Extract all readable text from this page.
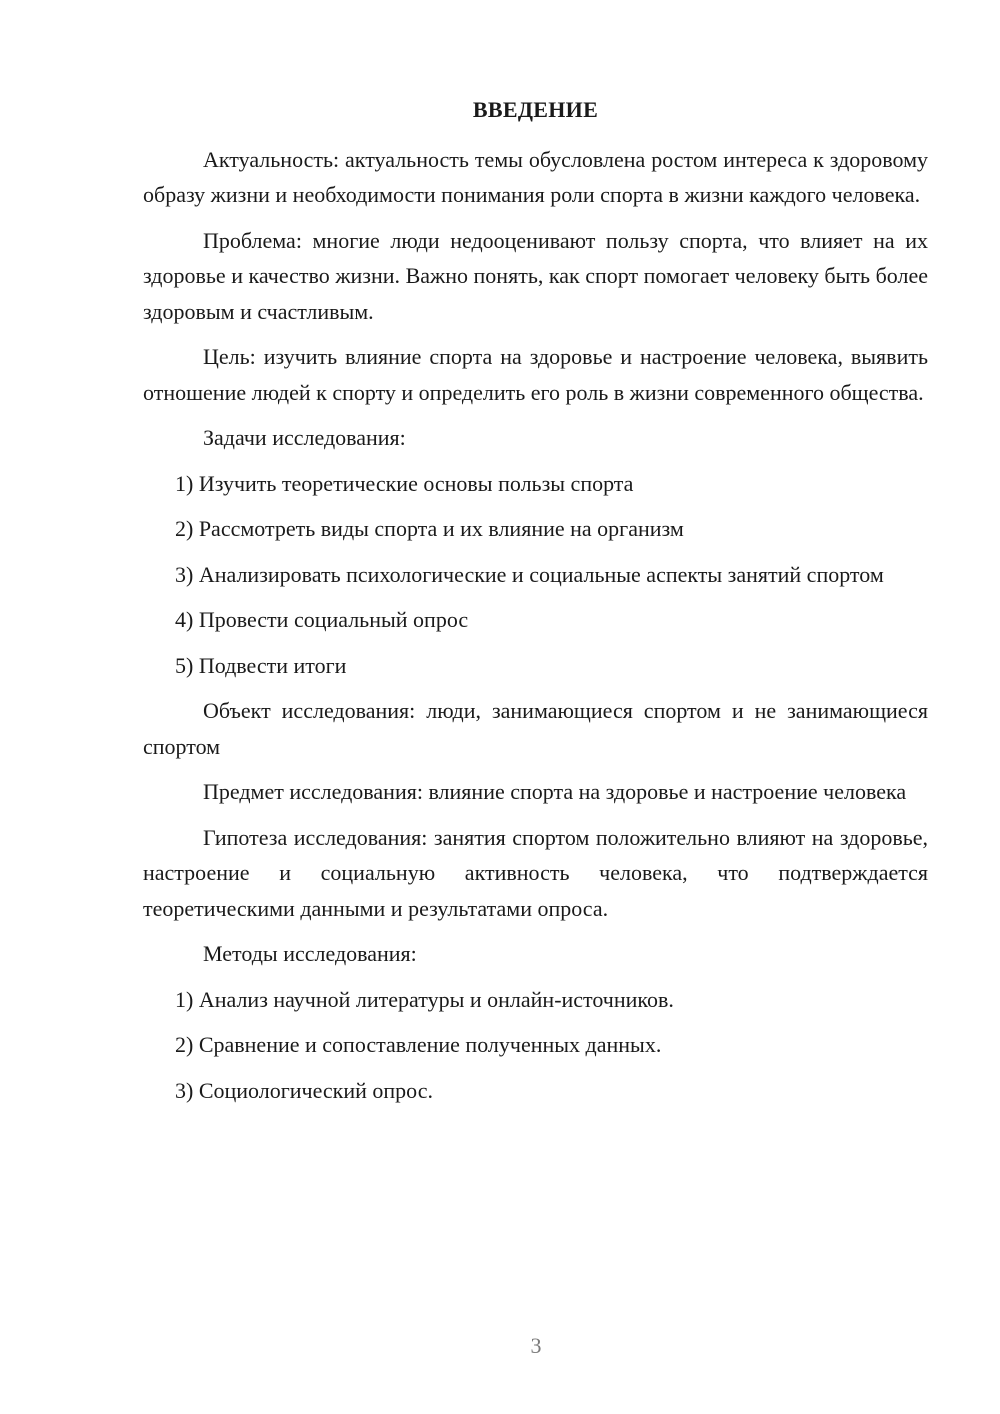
ВВЕДЕНИЕ

Актуальность: актуальность темы обусловлена ростом интереса к здоровому образу жизни и необходимости понимания роли спорта в жизни каждого человека.

Проблема: многие люди недооценивают пользу спорта, что влияет на их здоровье и качество жизни. Важно понять, как спорт помогает человеку быть более здоровым и счастливым.

Цель: изучить влияние спорта на здоровье и настроение человека, выявить отношение людей к спорту и определить его роль в жизни современного общества.

Задачи исследования:

1) Изучить теоретические основы пользы спорта

2) Рассмотреть виды спорта и их влияние на организм

3) Анализировать психологические и социальные аспекты занятий спортом

4) Провести социальный опрос

5) Подвести итоги

Объект исследования: люди, занимающиеся спортом и не занимающиеся спортом

Предмет исследования: влияние спорта на здоровье и настроение человека

Гипотеза исследования: занятия спортом положительно влияют на здоровье, настроение и социальную активность человека, что подтверждается теоретическими данными и результатами опроса.

Методы исследования:

1) Анализ научной литературы и онлайн-источников.

2) Сравнение и сопоставление полученных данных.

3) Социологический опрос.

3
